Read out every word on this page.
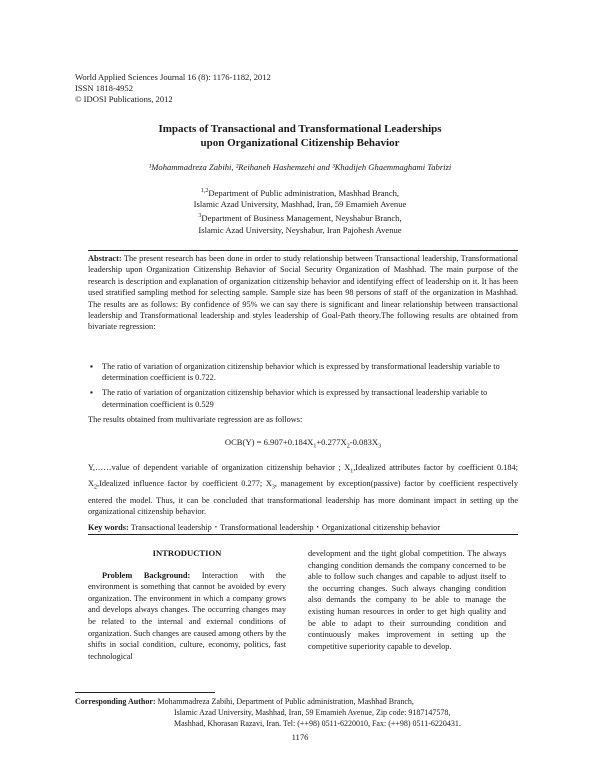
World Applied Sciences Journal 16 (8): 1176-1182, 2012
ISSN 1818-4952
© IDOSI Publications, 2012
Impacts of Transactional and Transformational Leaderships
upon Organizational Citizenship Behavior
¹Mohammadreza Zabihi, ²Reihaneh Hashemzehi and ³Khadijeh Ghaemmaghami Tabrizi
$^{1,2}$Department of Public administration, Mashhad Branch,
Islamic Azad University, Mashhad, Iran, 59 Emamieh Avenue
$^3$Department of Business Management, Neyshabur Branch,
Islamic Azad University, Neyshabur, Iran Pajohesh Avenue
Abstract: The present research has been done in order to study relationship between Transactional leadership, Transformational leadership upon Organization Citizenship Behavior of Social Security Organization of Mashhad. The main purpose of the research is description and explanation of organization citizenship behavior and identifying effect of leadership on it. It has been used stratified sampling method for selecting sample. Sample size has been 98 persons of staff of the organization in Mashhad. The results are as follows: By confidence of 95% we can say there is significant and linear relationship between transactional leadership and Transformational leadership and styles leadership of Goal-Path theory.The following results are obtained from bivariate regression:
▪ The ratio of variation of organization citizenship behavior which is expressed by transformational leadership variable to determination coefficient is 0.722.
▪ The ratio of variation of organization citizenship behavior which is expressed by transactional leadership variable to determination coefficient is 0.529
The results obtained from multivariate regression are as follows:
$OCB(Y) = 6.907+0.184X_1+0.277X_2-0.083X_3$
Y,……value of dependent variable of organization citizenship behavior ; $X_1,Idealized$ attributes factor by coefficient 0.184; $X_2,Idealized$ influence factor by coefficient 0.277; $X_3$, management by exception(passive) factor by coefficient respectively entered the model. Thus, it can be concluded that transformational leadership has more dominant impact in setting up the organizational citizenship behavior.
Key words: Transactional leadership・Transformational leadership・Organizational citizenship behavior
INTRODUCTION
Problem Background: Interaction with the environment is something that cannot be avoided by every organization. The environment in which a company grows and develops always changes. The occurring changes may be related to the internal and external conditions of organization. Such changes are caused among others by the shifts in social condition, culture, economy, politics, fast technological
development and the tight global competition. The always changing condition demands the company concerned to be able to follow such changes and capable to adjust itself to the occurring changes. Such always changing condition also demands the company to be able to manage the existing human resources in order to get high quality and be able to adapt to their surrounding condition and continuously makes improvement in setting up the competitive superiority capable to develop.
Corresponding Author: Mohammadreza Zabihi, Department of Public administration, Mashhad Branch,
Islamic Azad University, Mashhad, Iran, 59 Emamieh Avenue, Zip code: 9187147578,
Mashhad, Khorasan Razavi, Iran. Tel: (++98) 0511-6220010, Fax: (++98) 0511-6220431.
1176
